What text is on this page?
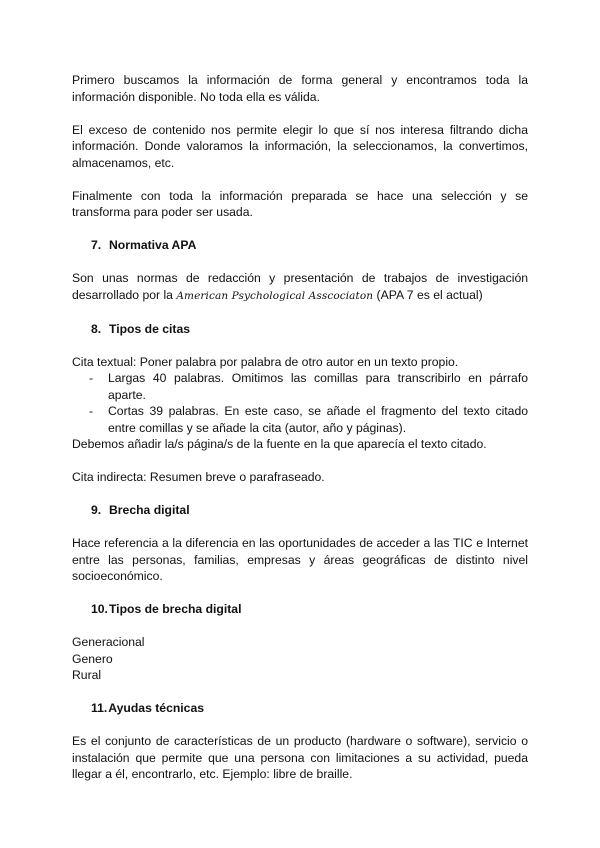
Primero buscamos la información de forma general y encontramos toda la información disponible. No toda ella es válida.

El exceso de contenido nos permite elegir lo que sí nos interesa filtrando dicha información. Donde valoramos la información, la seleccionamos, la convertimos, almacenamos, etc.

Finalmente con toda la información preparada se hace una selección y se transforma para poder ser usada.

7. Normativa APA

Son unas normas de redacción y presentación de trabajos de investigación desarrollado por la American Psychological Asscociaton (APA 7 es el actual)

8. Tipos de citas

Cita textual: Poner palabra por palabra de otro autor en un texto propio.

-	Largas 40 palabras. Omitimos las comillas para transcribirlo en párrafo aparte.
-	Cortas 39 palabras. En este caso, se añade el fragmento del texto citado entre comillas y se añade la cita (autor, año y páginas).

Debemos añadir la/s página/s de la fuente en la que aparecía el texto citado.

Cita indirecta: Resumen breve o parafraseado.

9. Brecha digital

Hace referencia a la diferencia en las oportunidades de acceder a las TIC e Internet entre las personas, familias, empresas y áreas geográficas de distinto nivel socioeconómico.

10. Tipos de brecha digital

Generacional

Genero

Rural

11. Ayudas técnicas

Es el conjunto de características de un producto (hardware o software), servicio o instalación que permite que una persona con limitaciones a su actividad, pueda llegar a él, encontrarlo, etc. Ejemplo: libre de braille.
